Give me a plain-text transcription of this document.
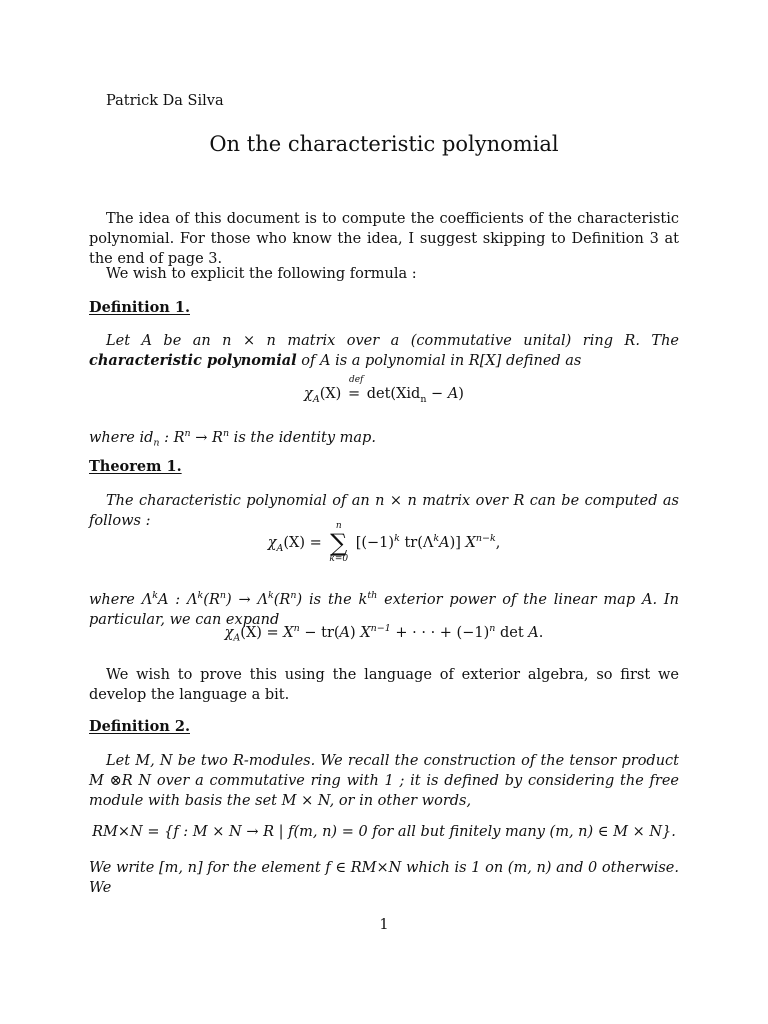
Patrick Da Silva
On the characteristic polynomial
The idea of this document is to compute the coefficients of the characteristic polynomial. For those who know the idea, I suggest skipping to Definition 3 at the end of page 3.
We wish to explicit the following formula :
Definition 1.
Let A be an n × n matrix over a (commutative unital) ring R. The characteristic polynomial of A is a polynomial in R[X] defined as
$\chi_A(X)$
def
= det(Xid$_n$ − A)
where $id_n$ : $R^n \to R^n$ is the identity map.
Theorem 1.
The characteristic polynomial of an n × n matrix over R can be computed as follows :
$\chi_A(X)$ =
n
∑
k=0
[$(-1)^k$ $tr(\Lambda^kA)$] $X^{n-k}$,
where $\Lambda^kA$ : $\Lambda^k(R^n) \to \Lambda^k(R^n)$ is the $k^{th}$ exterior power of the linear map A. In particular, we can expand
$\chi_A(X) = X^n - tr(A) X^{n-1}$ + · · · + $(-1)^n$ det A.
We wish to prove this using the language of exterior algebra, so first we develop the language a bit.
Definition 2.
Let M, N be two R-modules. We recall the construction of the tensor product M ⊗R N over a commutative ring with 1 ; it is defined by considering the free module with basis the set M × N, or in other words,
RM×N = {f : M × N → R | f(m, n) = 0 for all but finitely many (m, n) ∈ M × N}.
We write [m, n] for the element f ∈ RM×N which is 1 on (m, n) and 0 otherwise. We
1
